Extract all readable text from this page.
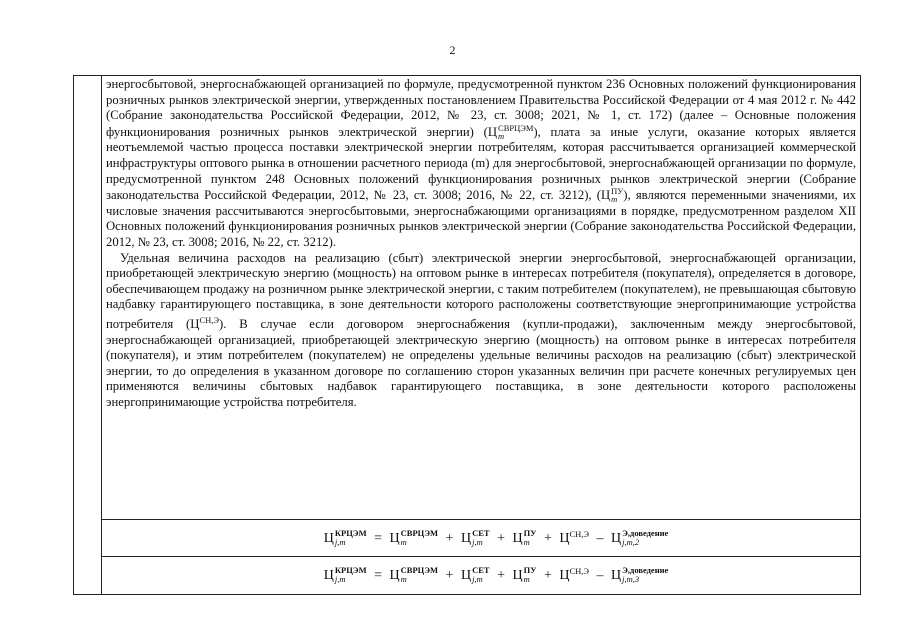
2

энергосбытовой, энергоснабжающей организацией по формуле, предусмотренной пунктом 236 Основных положений функционирования розничных рынков электрической энергии, утвержденных постановлением Правительства Российской Федерации от 4 мая 2012 г. № 442 (Собрание законодательства Российской Федерации, 2012, № 23, ст. 3008; 2021, № 1, ст. 172) (далее – Основные положения функционирования розничных рынков электрической энергии) (Ц СВРЦЭМ
m	), плата за иные услуги, оказание которых является неотъемлемой частью процесса поставки электрической энергии потребителям, которая рассчитывается организацией коммерческой инфраструктуры оптового рынка в отношении расчетного периода (m) для энергосбытовой, энергоснабжающей организации по формуле, предусмотренной пунктом 248 Основных положений функционирования розничных рынков электрической энергии (Собрание законодательства Российской Федерации, 2012, № 23, ст. 3008; 2016, № 22, ст. 3212), (Ц ПУ
m ), являются переменными значениями, их числовые значения рассчитываются энергосбытовыми, энергоснабжающими организациями в порядке, предусмотренном разделом XII Основных положений функционирования розничных рынков электрической энергии (Собрание законодательства Российской Федерации, 2012, № 23, ст. 3008; 2016, № 22, ст. 3212).

Удельная величина расходов на реализацию (сбыт) электрической энергии энергосбытовой, энергоснабжающей организации, приобретающей электрическую энергию (мощность) на оптовом рынке в интересах потребителя (покупателя), определяется в договоре, обеспечивающем продажу на розничном рынке электрической энергии, с таким потребителем (покупателем), не превышающая сбытовую надбавку гарантирующего поставщика, в зоне деятельности которого расположены соответствующие энергопринимающие устройства потребителя $(Ц^{СН,Э})$. В случае если договором энергоснабжения (купли-продажи), заключенным между энергосбытовой, энергоснабжающей организацией, приобретающей электрическую энергию (мощность) на оптовом рынке в интересах потребителя (покупателя), и этим потребителем (покупателем) не определены удельные величины расходов на реализацию (сбыт) электрической энергии, то до определения в указанном договоре по соглашению сторон указанных величин при расчете конечных регулируемых цен применяются величины сбытовых надбавок гарантирующего поставщика, в зоне деятельности которого расположены энергопринимающие устройства потребителя.

Ц КРЦЭМ
j,m	= Ц СВРЦЭМ
m	+ Ц СЕТ
j,m	+ Ц ПУ
m	+ $Ц^{СН,Э}$ – Ц Э,доведение
j,m,2
Ц КРЦЭМ
j,m	= Ц СВРЦЭМ
m	+ Ц СЕТ
j,m	+ Ц ПУ
m	+ $Ц^{СН,Э}$ – Ц Э,доведение
j,m,3
